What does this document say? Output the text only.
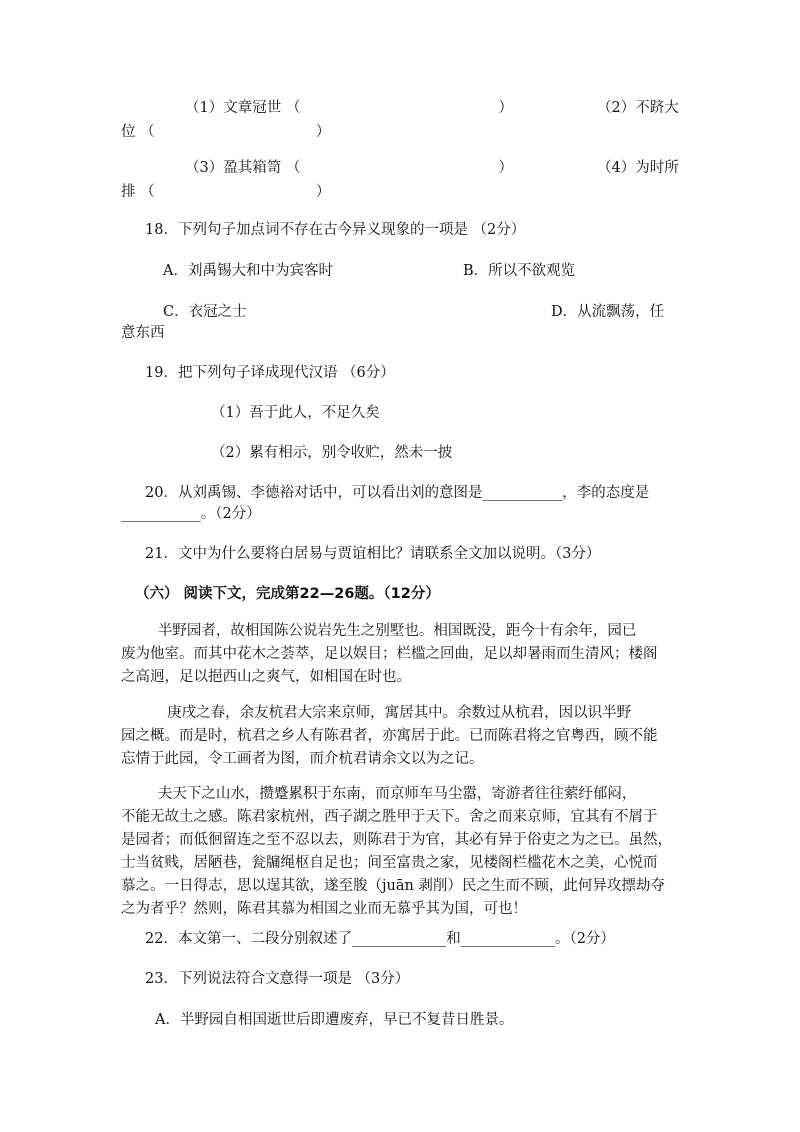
（1）文章冠世 （                                           ）	（2）不跻大
位 （                                   ）
（3）盈其箱笥 （                                           ）	（4）为时所
排 （                                   ）
18．下列句子加点词不存在古今异义现象的一项是 （2分）
A．刘禹锡大和中为宾客时	B．所以不欲观览
C．衣冠之士	D．从流飘荡，任
意东西
19．把下列句子译成现代汉语 （6分）
（1）吾于此人，不足久矣
（2）累有相示，别令收贮，然未一披
20．从刘禹锡、李德裕对话中，可以看出刘的意图是___________，李的态度是
___________。（2分）
21．文中为什么要将白居易与贾谊相比？请联系全文加以说明。（3分）
（六） 阅读下文，完成第22—26题。（12分）

半野园者，故相国陈公说岩先生之别墅也。相国既没，距今十有余年，园已

废为他室。而其中花木之荟萃，足以娱目；栏槛之回曲，足以却暑雨而生清风；楼阁

之高迥，足以挹西山之爽气，如相国在时也。

庚戌之春，余友杭君大宗来京师，寓居其中。余数过从杭君，因以识半野

园之概。而是时，杭君之乡人有陈君者，亦寓居于此。已而陈君将之官粤西，顾不能

忘情于此园，令工画者为图，而介杭君请余文以为之记。

夫天下之山水，攒蹙累积于东南，而京师车马尘嚣，寄游者往往萦纡郁闷，

不能无故土之感。陈君家杭州，西子湖之胜甲于天下。舍之而来京师，宜其有不屑于

是园者；而低徊留连之至不忍以去，则陈君于为官，其必有异于俗吏之为之已。虽然，

士当贫贱，居陋巷，瓮牖绳枢自足也；间至富贵之家，见楼阁栏槛花木之美，心悦而

慕之。一日得志，思以逞其欲，遂至朘（juān 剥削）民之生而不顾，此何异攻摽劫夺

之为者乎？然则，陈君其慕为相国之业而无慕乎其为国，可也！

22．本文第一、二段分别叙述了_____________和_____________。（2分）
23．下列说法符合文意得一项是 （3分）
A．半野园自相国逝世后即遭废弃，早已不复昔日胜景。
